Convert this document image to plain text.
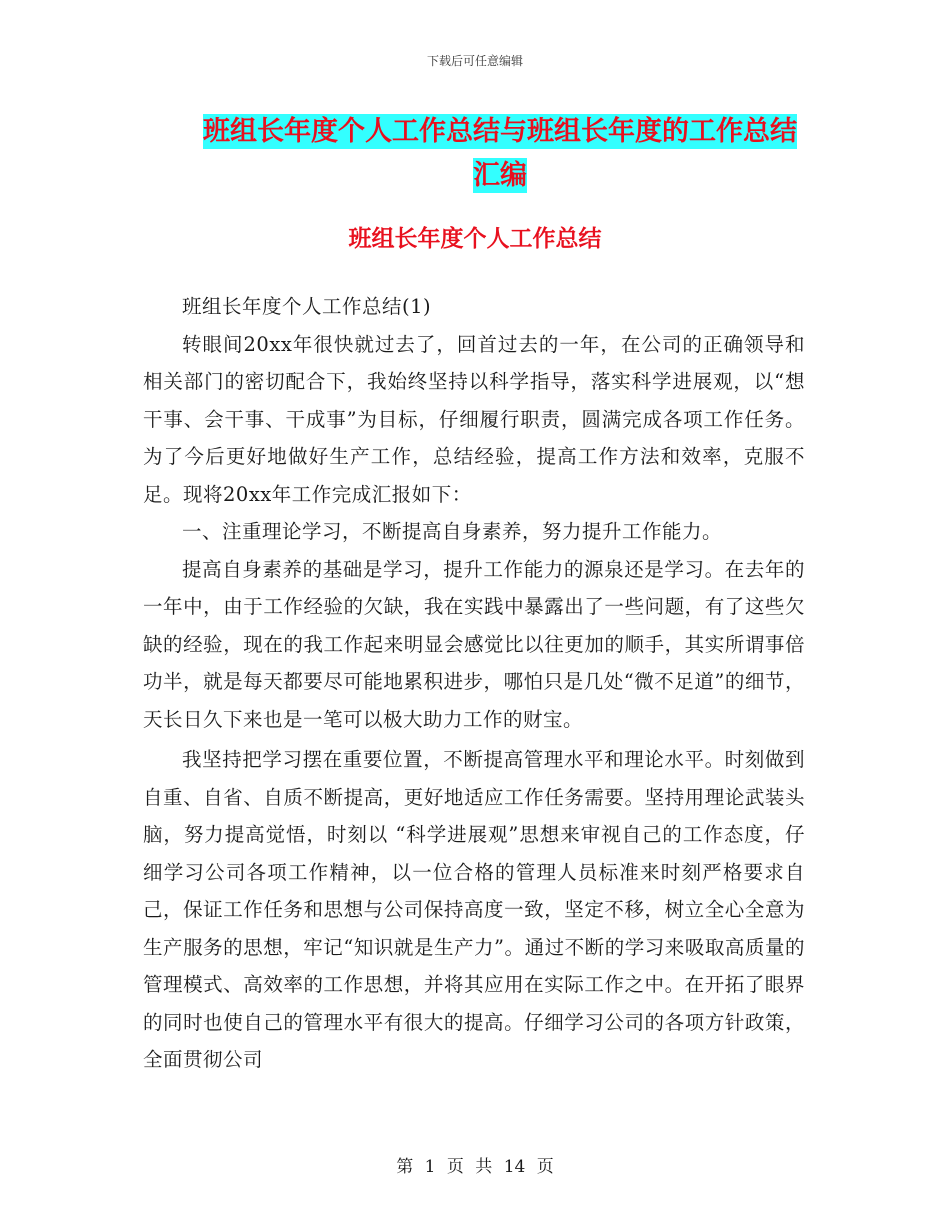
下载后可任意编辑
班组长年度个人工作总结与班组长年度的工作总结汇编
班组长年度个人工作总结

班组长年度个人工作总结(1)

转眼间20xx年很快就过去了，回首过去的一年，在公司的正确领导和相关部门的密切配合下，我始终坚持以科学指导，落实科学进展观，以“想干事、会干事、干成事”为目标，仔细履行职责，圆满完成各项工作任务。为了今后更好地做好生产工作，总结经验，提高工作方法和效率，克服不足。现将20xx年工作完成汇报如下：

一、注重理论学习，不断提高自身素养，努力提升工作能力。

提高自身素养的基础是学习，提升工作能力的源泉还是学习。在去年的一年中，由于工作经验的欠缺，我在实践中暴露出了一些问题，有了这些欠缺的经验，现在的我工作起来明显会感觉比以往更加的顺手，其实所谓事倍功半，就是每天都要尽可能地累积进步，哪怕只是几处“微不足道”的细节，天长日久下来也是一笔可以极大助力工作的财宝。

我坚持把学习摆在重要位置，不断提高管理水平和理论水平。时刻做到自重、自省、自质不断提高，更好地适应工作任务需要。坚持用理论武装头脑，努力提高觉悟，时刻以 “科学进展观”思想来审视自己的工作态度，仔细学习公司各项工作精神，以一位合格的管理人员标准来时刻严格要求自己，保证工作任务和思想与公司保持高度一致，坚定不移，树立全心全意为生产服务的思想，牢记“知识就是生产力”。通过不断的学习来吸取高质量的管理模式、高效率的工作思想，并将其应用在实际工作之中。在开拓了眼界的同时也使自己的管理水平有很大的提高。仔细学习公司的各项方针政策，全面贯彻公司

第 1 页 共 14 页
